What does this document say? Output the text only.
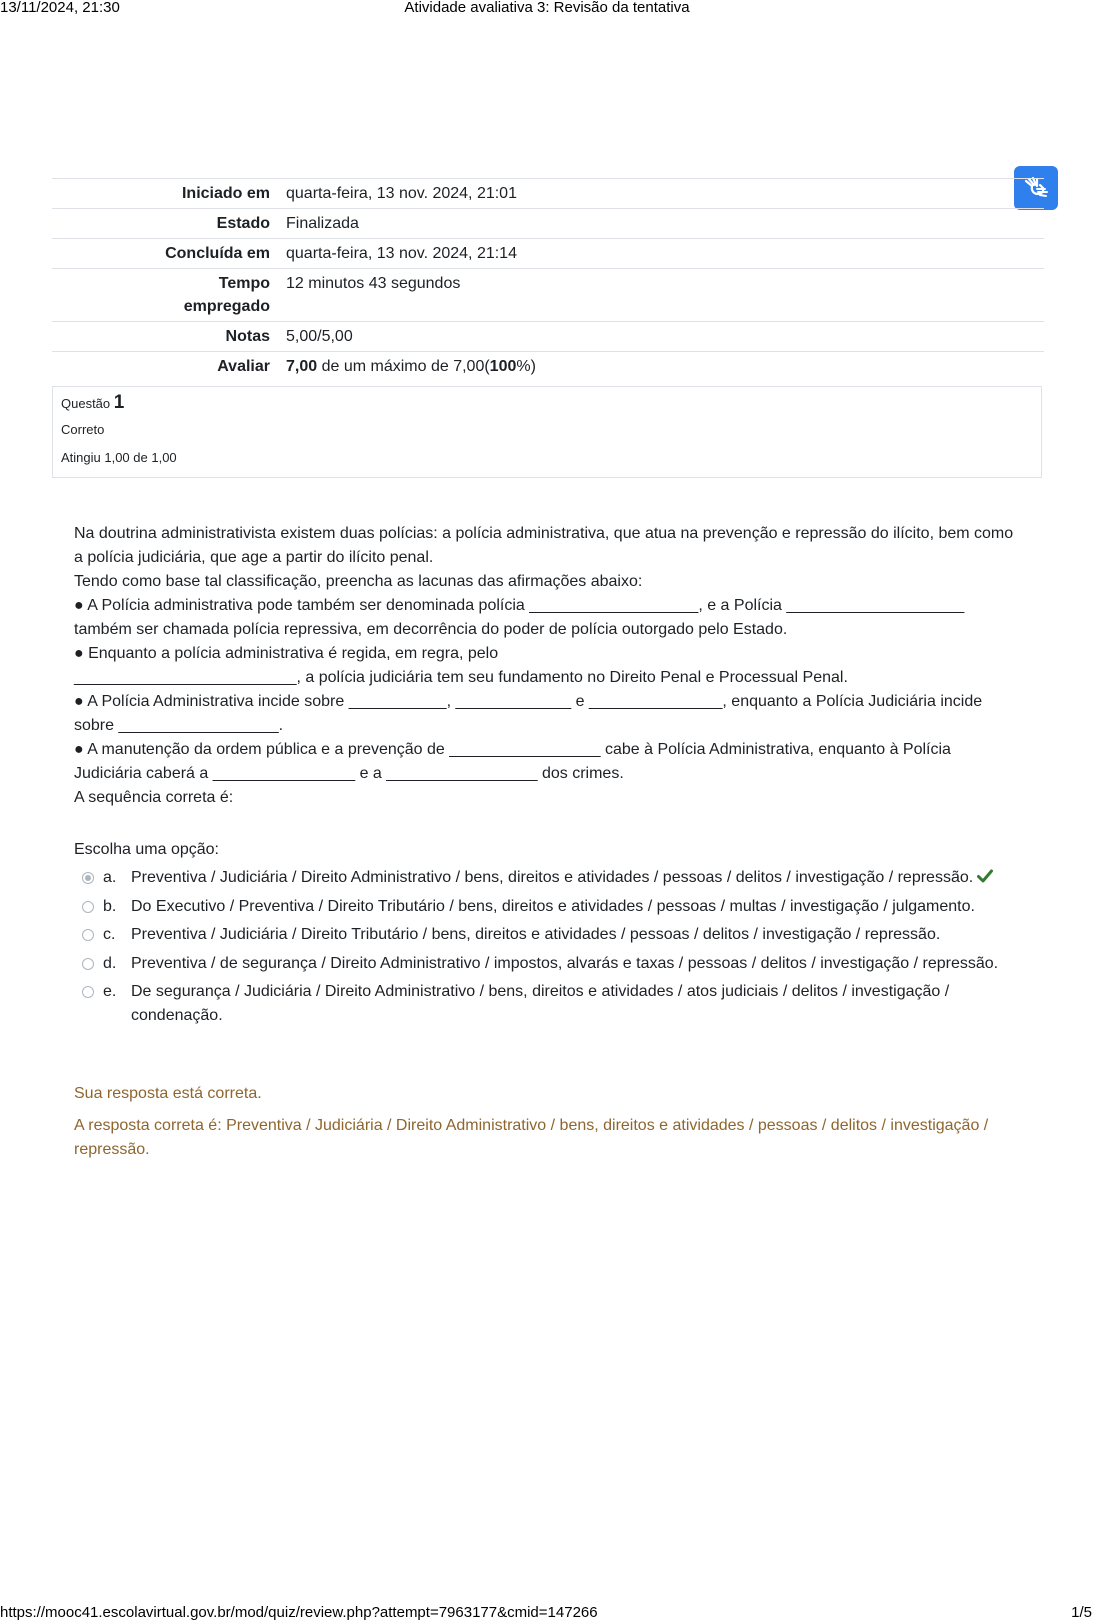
13/11/2024, 21:30	Atividade avaliativa 3: Revisão da tentativa
Iniciado em	quarta-feira, 13 nov. 2024, 21:01
Estado	Finalizada
Concluída em	quarta-feira, 13 nov. 2024, 21:14
Tempo empregado	12 minutos 43 segundos
Notas	5,00/5,00
Avaliar	7,00 de um máximo de 7,00(100%)
Questão 1
Correto
Atingiu 1,00 de 1,00

Na doutrina administrativista existem duas polícias: a polícia administrativa, que atua na prevenção e repressão do ilícito, bem como a polícia judiciária, que age a partir do ilícito penal.

Tendo como base tal classificação, preencha as lacunas das afirmações abaixo:

● A Polícia administrativa pode também ser denominada polícia ___________________, e a Polícia ____________________ também ser chamada polícia repressiva, em decorrência do poder de polícia outorgado pelo Estado.

● Enquanto a polícia administrativa é regida, em regra, pelo

_________________________, a polícia judiciária tem seu fundamento no Direito Penal e Processual Penal.

● A Polícia Administrativa incide sobre ___________, _____________ e _______________, enquanto a Polícia Judiciária incide sobre __________________.

● A manutenção da ordem pública e a prevenção de _________________ cabe à Polícia Administrativa, enquanto à Polícia Judiciária caberá a ________________ e a _________________ dos crimes.

A sequência correta é:

Escolha uma opção:
a. Preventiva / Judiciária / Direito Administrativo / bens, direitos e atividades / pessoas / delitos / investigação / repressão.
b. Do Executivo / Preventiva / Direito Tributário / bens, direitos e atividades / pessoas / multas / investigação / julgamento.
c. Preventiva / Judiciária / Direito Tributário / bens, direitos e atividades / pessoas / delitos / investigação / repressão.
d. Preventiva / de segurança / Direito Administrativo / impostos, alvarás e taxas / pessoas / delitos / investigação / repressão.
e. De segurança / Judiciária / Direito Administrativo / bens, direitos e atividades / atos judiciais / delitos / investigação / condenação.
Sua resposta está correta.
A resposta correta é: Preventiva / Judiciária / Direito Administrativo / bens, direitos e atividades / pessoas / delitos / investigação / repressão.
https://mooc41.escolavirtual.gov.br/mod/quiz/review.php?attempt=7963177&cmid=147266	1/5
